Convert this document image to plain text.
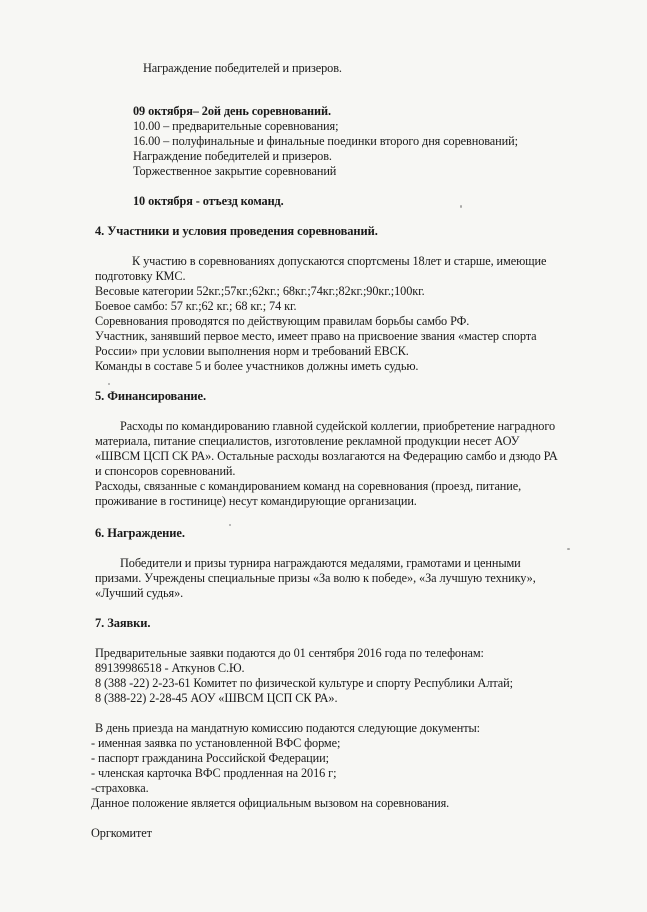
Награждение победителей и призеров.
09 октября– 2ой день соревнований.
10.00 – предварительные соревнования;
16.00 – полуфинальные и финальные поединки второго дня соревнований;
Награждение победителей и призеров.
Торжественное закрытие соревнований
10 октября - отъезд команд.
4. Участники и условия проведения соревнований.
К участию в соревнованиях допускаются спортсмены 18лет и старше, имеющие
подготовку КМС.
Весовые категории 52кг.;57кг.;62кг.; 68кг.;74кг.;82кг.;90кг.;100кг.
Боевое самбо: 57 кг.;62 кг.; 68 кг.; 74 кг.
Соревнования проводятся по действующим правилам борьбы самбо РФ.
Участник, занявший первое место, имеет право на присвоение звания «мастер спорта
России» при условии выполнения норм и требований ЕВСК.
Команды в составе 5 и более участников должны иметь судью.
5. Финансирование.
Расходы по командированию главной судейской коллегии, приобретение наградного
материала, питание специалистов, изготовление рекламной продукции несет АОУ
«ШВСМ ЦСП СК РА». Остальные расходы возлагаются на Федерацию самбо и дзюдо РА
и спонсоров соревнований.
Расходы, связанные с командированием команд на соревнования (проезд, питание,
проживание в гостинице) несут командирующие организации.
6. Награждение.
Победители и призы турнира награждаются медалями, грамотами и ценными
призами. Учреждены специальные призы «За волю к победе», «За лучшую технику»,
«Лучший судья».
7. Заявки.
Предварительные заявки подаются до 01 сентября 2016 года по телефонам:
89139986518 - Аткунов С.Ю.
8 (388 -22) 2-23-61 Комитет по физической культуре и спорту Республики Алтай;
8 (388-22) 2-28-45 АОУ «ШВСМ ЦСП СК РА».
В день приезда на мандатную комиссию подаются следующие документы:
- именная заявка по установленной ВФС форме;
- паспорт гражданина Российской Федерации;
- членская карточка ВФС продленная на 2016 г;
-страховка.
Данное положение является официальным вызовом на соревнования.
Оргкомитет
